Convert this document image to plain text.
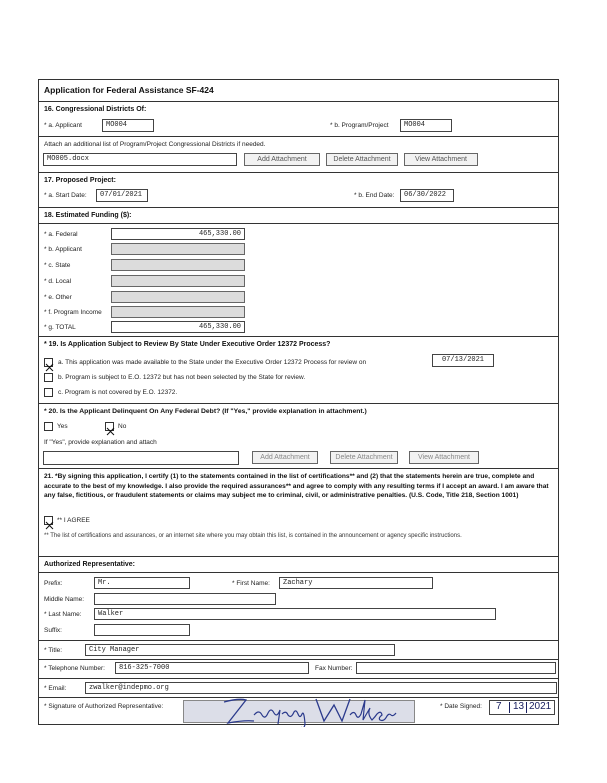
Application for Federal Assistance SF-424
16. Congressional Districts Of:
* a. Applicant	MO004	* b. Program/Project	MO004
Attach an additional list of Program/Project Congressional Districts if needed.
MO005.docx	Add Attachment	Delete Attachment	View Attachment
17. Proposed Project:
* a. Start Date:	07/01/2021	* b. End Date:	06/30/2022
18. Estimated Funding ($):
* a. Federal	465,330.00
* b. Applicant
* c. State
* d. Local
* e. Other
* f. Program Income
* g. TOTAL	465,330.00
* 19. Is Application Subject to Review By State Under Executive Order 12372 Process?
a. This application was made available to the State under the Executive Order 12372 Process for review on	07/13/2021
b. Program is subject to E.O. 12372 but has not been selected by the State for review.
c. Program is not covered by E.O. 12372.
* 20. Is the Applicant Delinquent On Any Federal Debt? (If "Yes," provide explanation in attachment.)
Yes	No
If "Yes", provide explanation and attach
Add Attachment	Delete Attachment	View Attachment
21. *By signing this application, I certify (1) to the statements contained in the list of certifications** and (2) that the statements herein are true, complete and accurate to the best of my knowledge. I also provide the required assurances** and agree to comply with any resulting terms if I accept an award. I am aware that any false, fictitious, or fraudulent statements or claims may subject me to criminal, civil, or administrative penalties. (U.S. Code, Title 218, Section 1001)
** I AGREE
** The list of certifications and assurances, or an internet site where you may obtain this list, is contained in the announcement or agency specific instructions.
Authorized Representative:
Prefix:	Mr.	* First Name:	Zachary
Middle Name:
* Last Name:	Walker
Suffix:
* Title:	City Manager
* Telephone Number:	816-325-7000	Fax Number:
* Email:	zwalker@indepmo.org
* Signature of Authorized Representative:	* Date Signed: 7 13 2021
